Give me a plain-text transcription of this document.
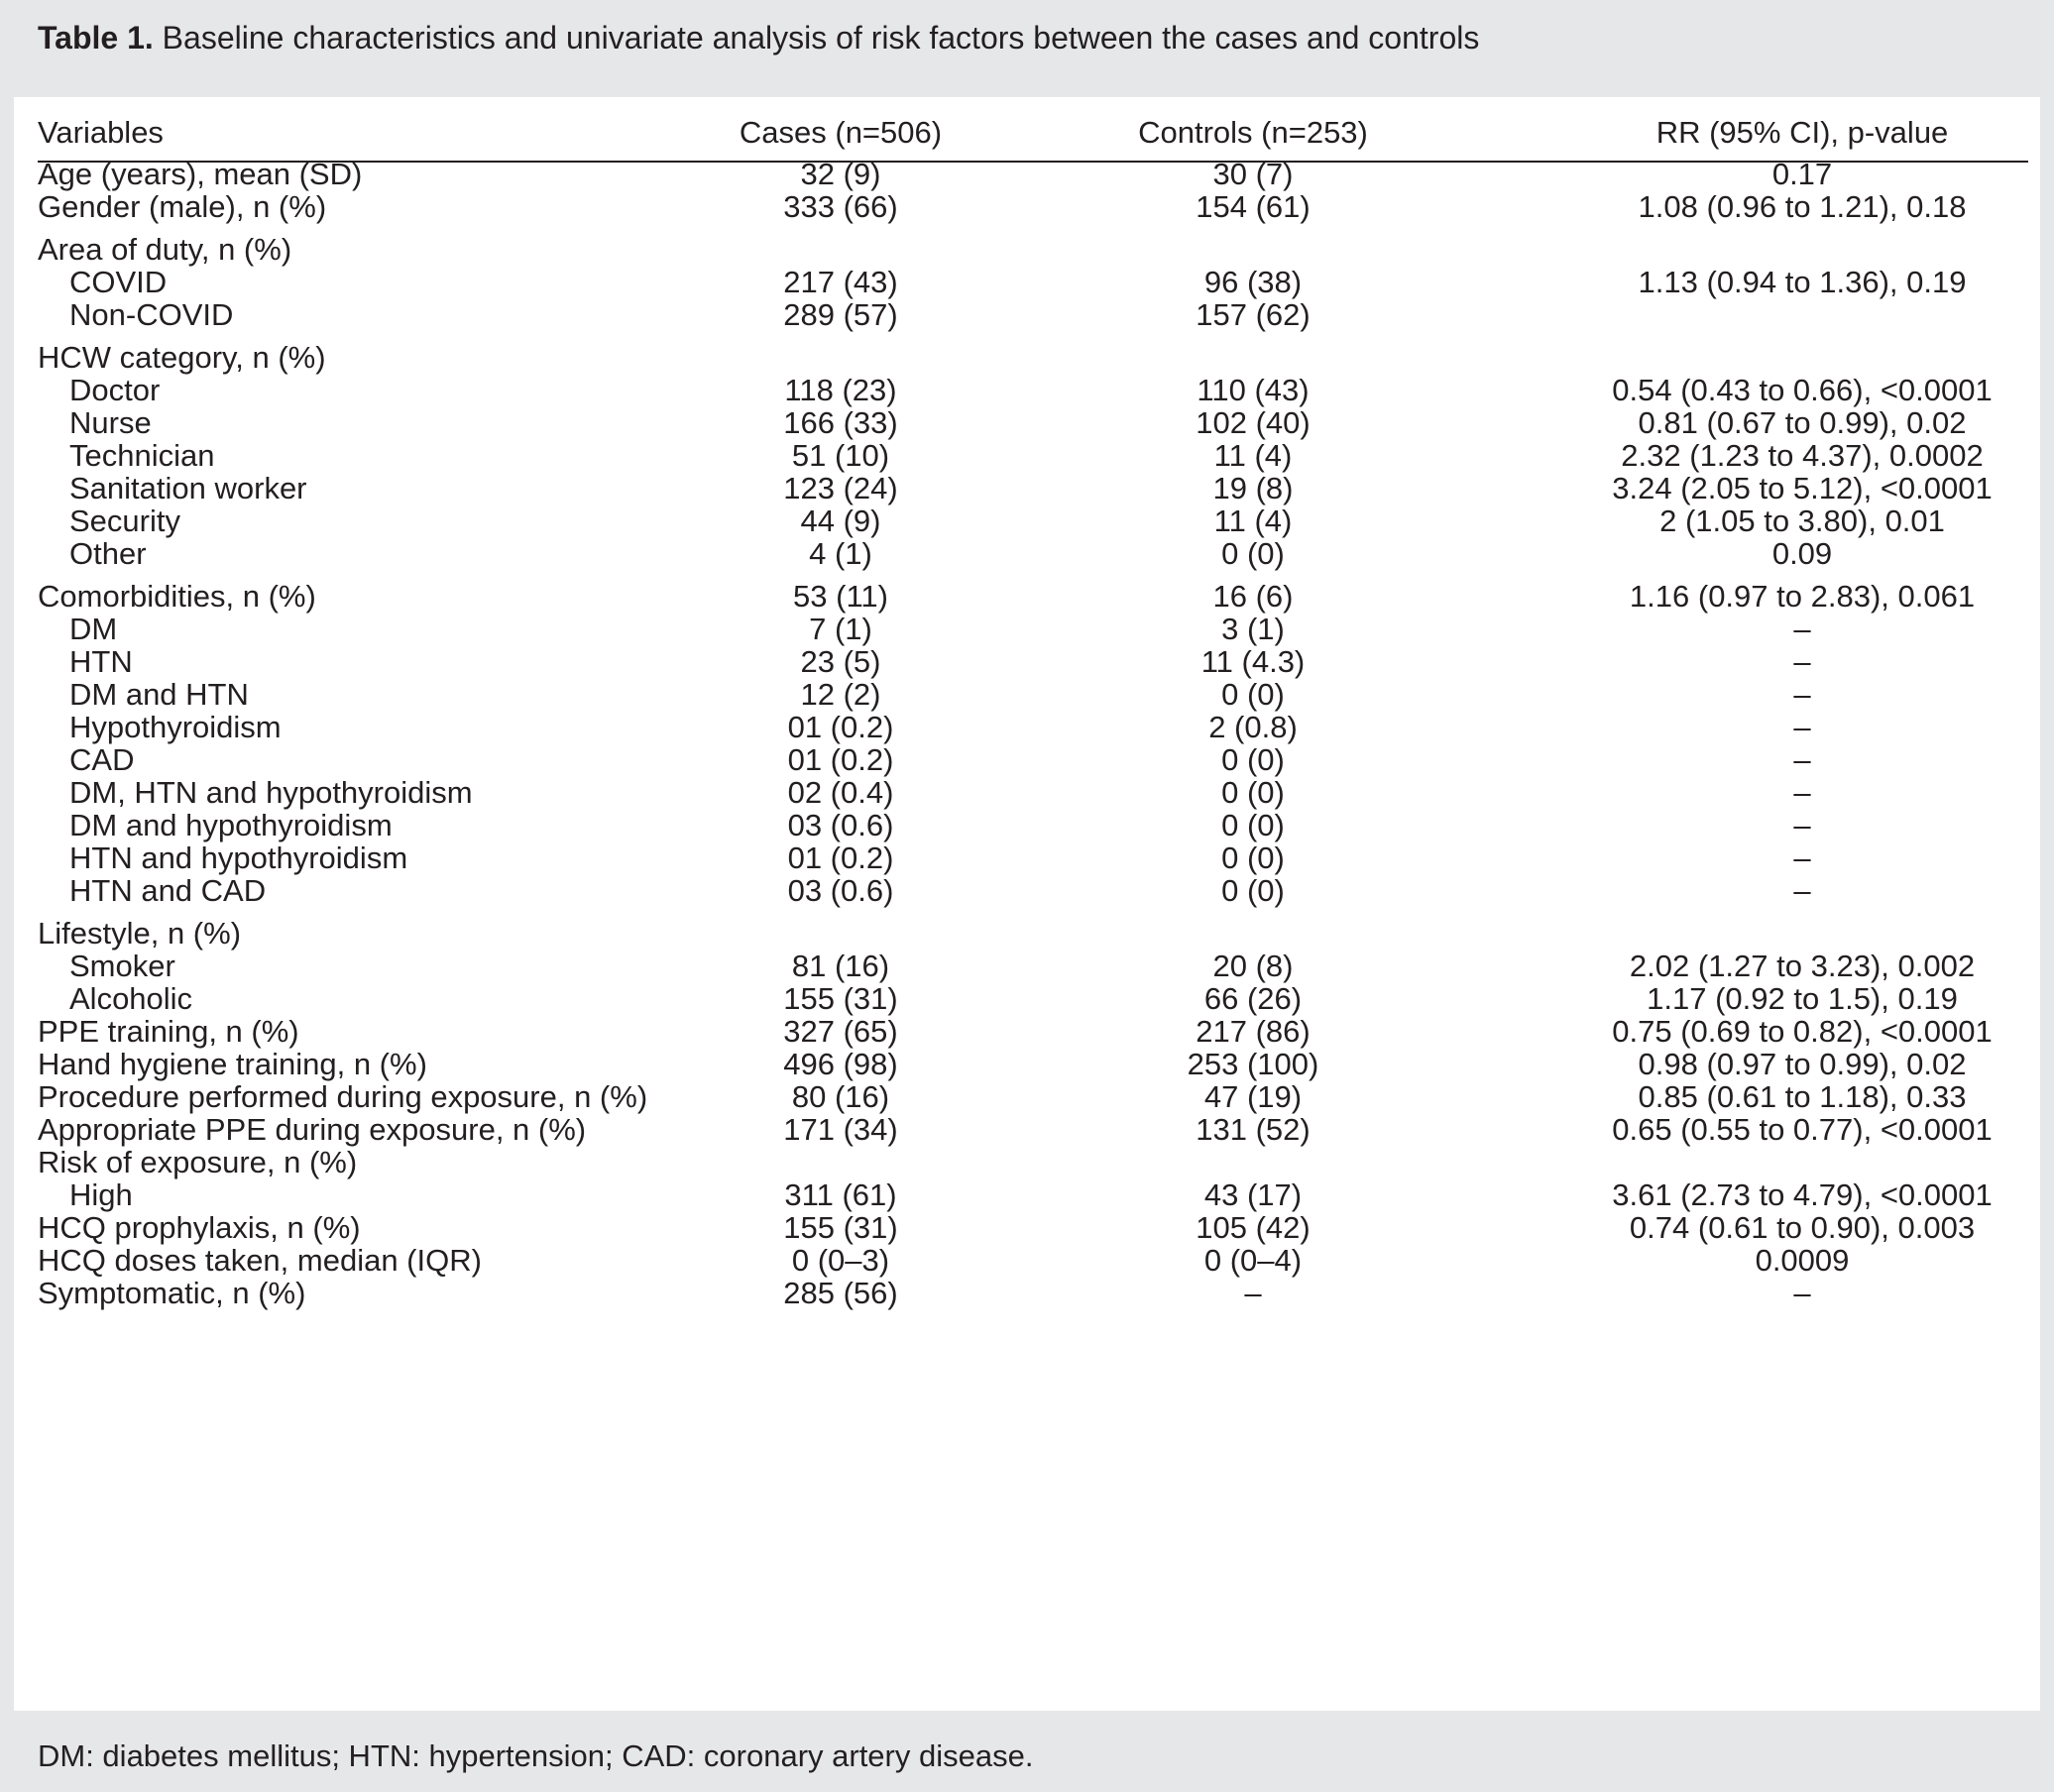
Table 1. Baseline characteristics and univariate analysis of risk factors between the cases and controls
Variables	Cases (n=506)	Controls (n=253)	RR (95% CI), p-value
Age (years), mean (SD)	32 (9)	30 (7)	0.17
Gender (male), n (%)	333 (66)	154 (61)	1.08 (0.96 to 1.21), 0.18
Area of duty, n (%)
COVID	217 (43)	96 (38)	1.13 (0.94 to 1.36), 0.19
Non-COVID	289 (57)	157 (62)
HCW category, n (%)
Doctor	118 (23)	110 (43)	0.54 (0.43 to 0.66), <0.0001
Nurse	166 (33)	102 (40)	0.81 (0.67 to 0.99), 0.02
Technician	51 (10)	11 (4)	2.32 (1.23 to 4.37), 0.0002
Sanitation worker	123 (24)	19 (8)	3.24 (2.05 to 5.12), <0.0001
Security	44 (9)	11 (4)	2 (1.05 to 3.80), 0.01
Other	4 (1)	0 (0)	0.09
Comorbidities, n (%)	53 (11)	16 (6)	1.16 (0.97 to 2.83), 0.061
DM	7 (1)	3 (1)	–
HTN	23 (5)	11 (4.3)	–
DM and HTN	12 (2)	0 (0)	–
Hypothyroidism	01 (0.2)	2 (0.8)	–
CAD	01 (0.2)	0 (0)	–
DM, HTN and hypothyroidism	02 (0.4)	0 (0)	–
DM and hypothyroidism	03 (0.6)	0 (0)	–
HTN and hypothyroidism	01 (0.2)	0 (0)	–
HTN and CAD	03 (0.6)	0 (0)	–
Lifestyle, n (%)
Smoker	81 (16)	20 (8)	2.02 (1.27 to 3.23), 0.002
Alcoholic	155 (31)	66 (26)	1.17 (0.92 to 1.5), 0.19
PPE training, n (%)	327 (65)	217 (86)	0.75 (0.69 to 0.82), <0.0001
Hand hygiene training, n (%)	496 (98)	253 (100)	0.98 (0.97 to 0.99), 0.02
Procedure performed during exposure, n (%)	80 (16)	47 (19)	0.85 (0.61 to 1.18), 0.33
Appropriate PPE during exposure, n (%)	171 (34)	131 (52)	0.65 (0.55 to 0.77), <0.0001
Risk of exposure, n (%)
High	311 (61)	43 (17)	3.61 (2.73 to 4.79), <0.0001
HCQ prophylaxis, n (%)	155 (31)	105 (42)	0.74 (0.61 to 0.90), 0.003
HCQ doses taken, median (IQR)	0 (0–3)	0 (0–4)	0.0009
Symptomatic, n (%)	285 (56)	–	–
DM: diabetes mellitus; HTN: hypertension; CAD: coronary artery disease.
